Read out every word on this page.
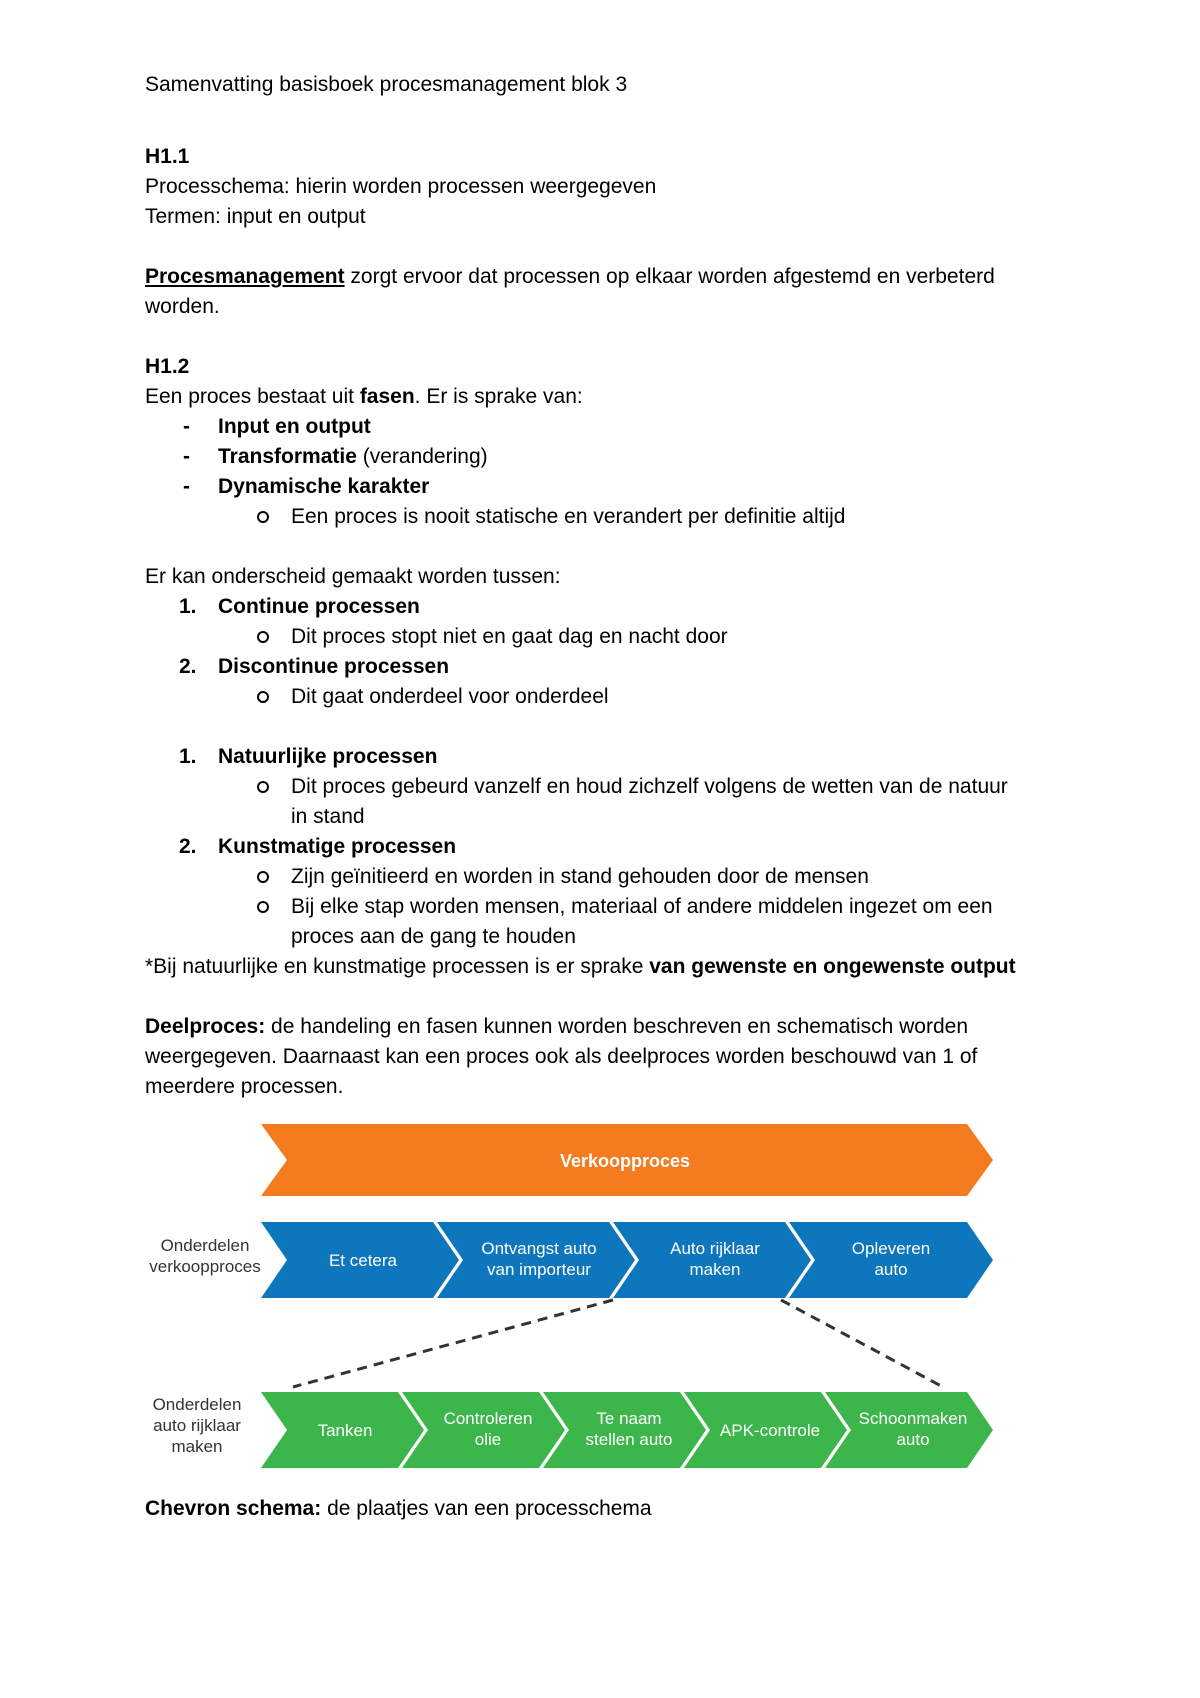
Samenvatting basisboek procesmanagement blok 3
H1.1
Processchema: hierin worden processen weergegeven
Termen: input en output
Procesmanagement zorgt ervoor dat processen op elkaar worden afgestemd en verbeterd
worden.
H1.2
Een proces bestaat uit fasen. Er is sprake van:
-	Input en output
-	Transformatie (verandering)
-	Dynamische karakter
Een proces is nooit statische en verandert per definitie altijd
Er kan onderscheid gemaakt worden tussen:
1.	Continue processen
Dit proces stopt niet en gaat dag en nacht door
2.	Discontinue processen
Dit gaat onderdeel voor onderdeel
1.	Natuurlijke processen
Dit proces gebeurd vanzelf en houd zichzelf volgens de wetten van de natuur
in stand
2.	Kunstmatige processen
Zijn geïnitieerd en worden in stand gehouden door de mensen
Bij elke stap worden mensen, materiaal of andere middelen ingezet om een
proces aan de gang te houden
*Bij natuurlijke en kunstmatige processen is er sprake van gewenste en ongewenste output
Deelproces: de handeling en fasen kunnen worden beschreven en schematisch worden
weergegeven. Daarnaast kan een proces ook als deelproces worden beschouwd van 1 of
meerdere processen.
Verkoopproces
Onderdelen
verkoopproces	Et cetera
Ontvangst auto
van importeur
Auto rijklaar
maken
Opleveren
auto
Onderdelen
auto rijklaar
maken
Tanken
Controleren
olie
Te naam
stellen auto	APK-controle
Schoonmaken
auto
Chevron schema: de plaatjes van een processchema
